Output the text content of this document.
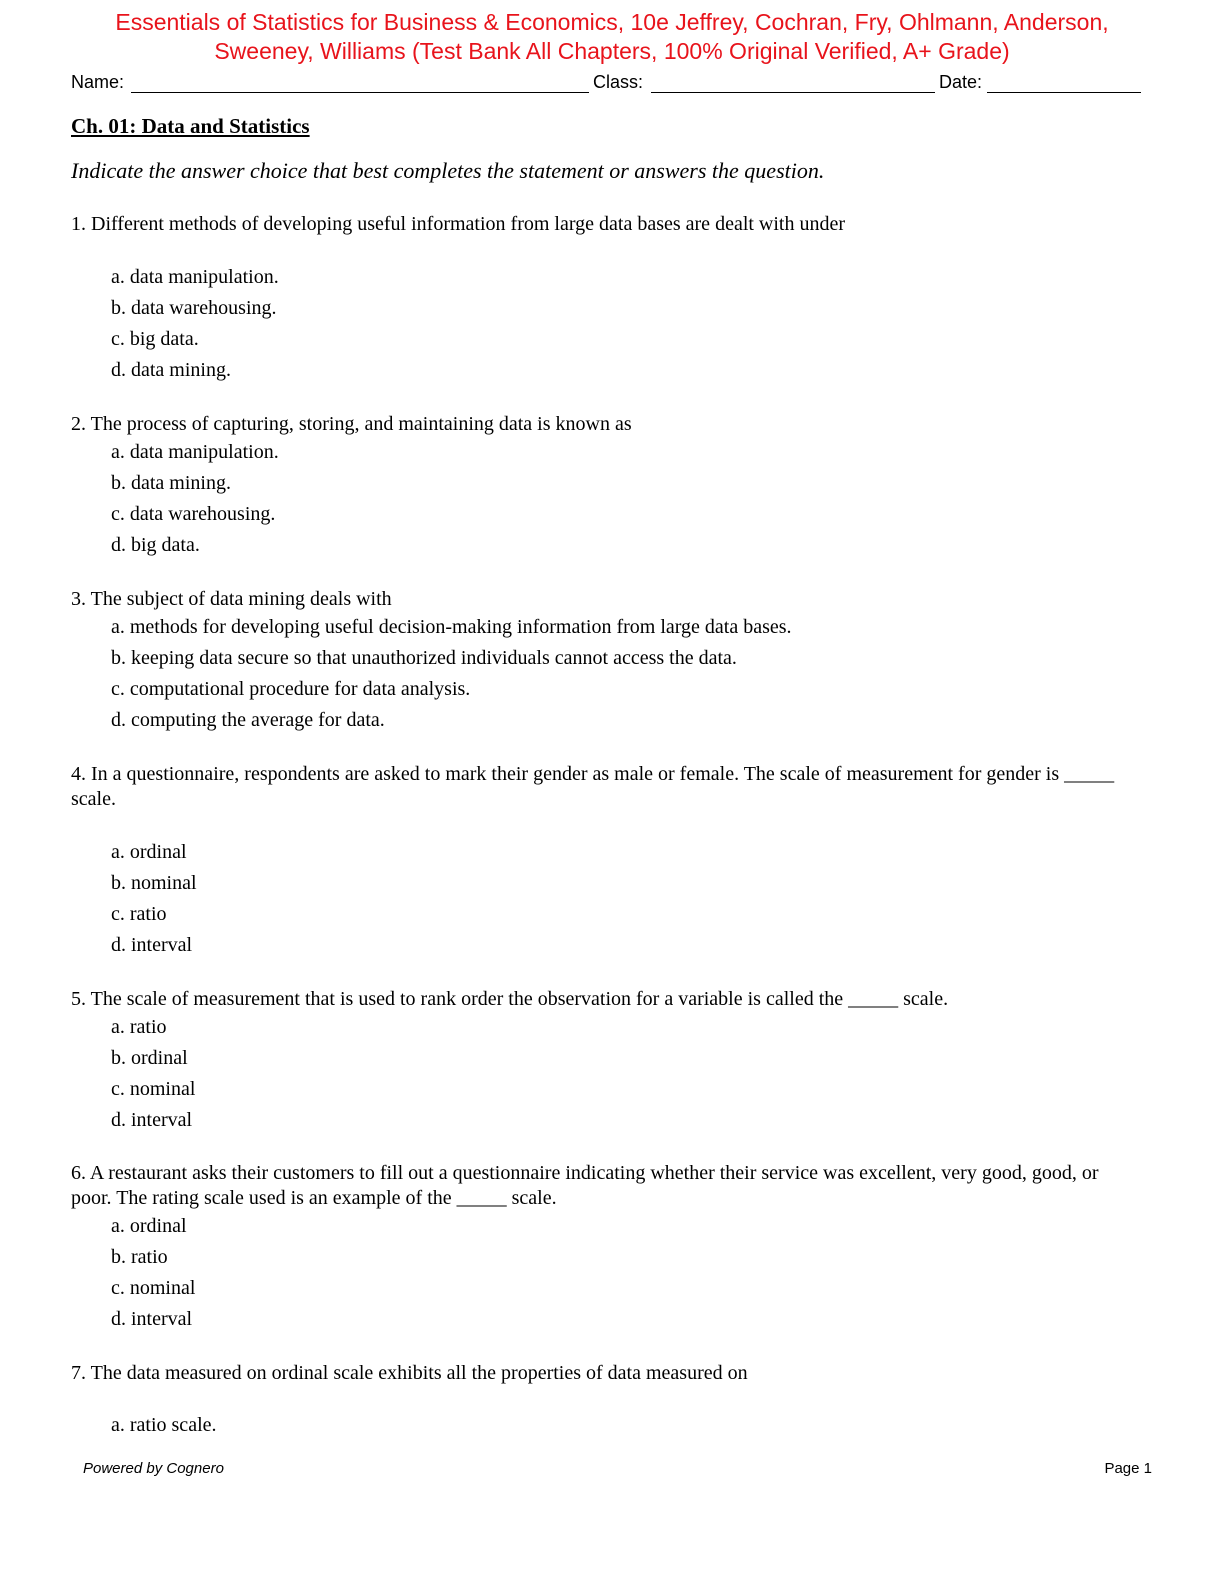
Essentials of Statistics for Business & Economics, 10e Jeffrey, Cochran, Fry, Ohlmann, Anderson,
Sweeney, Williams (Test Bank All Chapters, 100% Original Verified, A+ Grade)
Name:	Class:	Date:
Ch. 01: Data and Statistics
Indicate the answer choice that best completes the statement or answers the question.
1. Different methods of developing useful information from large data bases are dealt with under
a. data manipulation.
b. data warehousing.
c. big data.
d. data mining.
2. The process of capturing, storing, and maintaining data is known as
a. data manipulation.
b. data mining.
c. data warehousing.
d. big data.
3. The subject of data mining deals with
a. methods for developing useful decision-making information from large data bases.
b. keeping data secure so that unauthorized individuals cannot access the data.
c. computational procedure for data analysis.
d. computing the average for data.
4. In a questionnaire, respondents are asked to mark their gender as male or female. The scale of measurement for gender is _____ scale.
a. ordinal
b. nominal
c. ratio
d. interval
5. The scale of measurement that is used to rank order the observation for a variable is called the _____ scale.
a. ratio
b. ordinal
c. nominal
d. interval
6. A restaurant asks their customers to fill out a questionnaire indicating whether their service was excellent, very good, good, or poor. The rating scale used is an example of the _____ scale.
a. ordinal
b. ratio
c. nominal
d. interval
7. The data measured on ordinal scale exhibits all the properties of data measured on
a. ratio scale.
Powered by Cognero	Page 1
